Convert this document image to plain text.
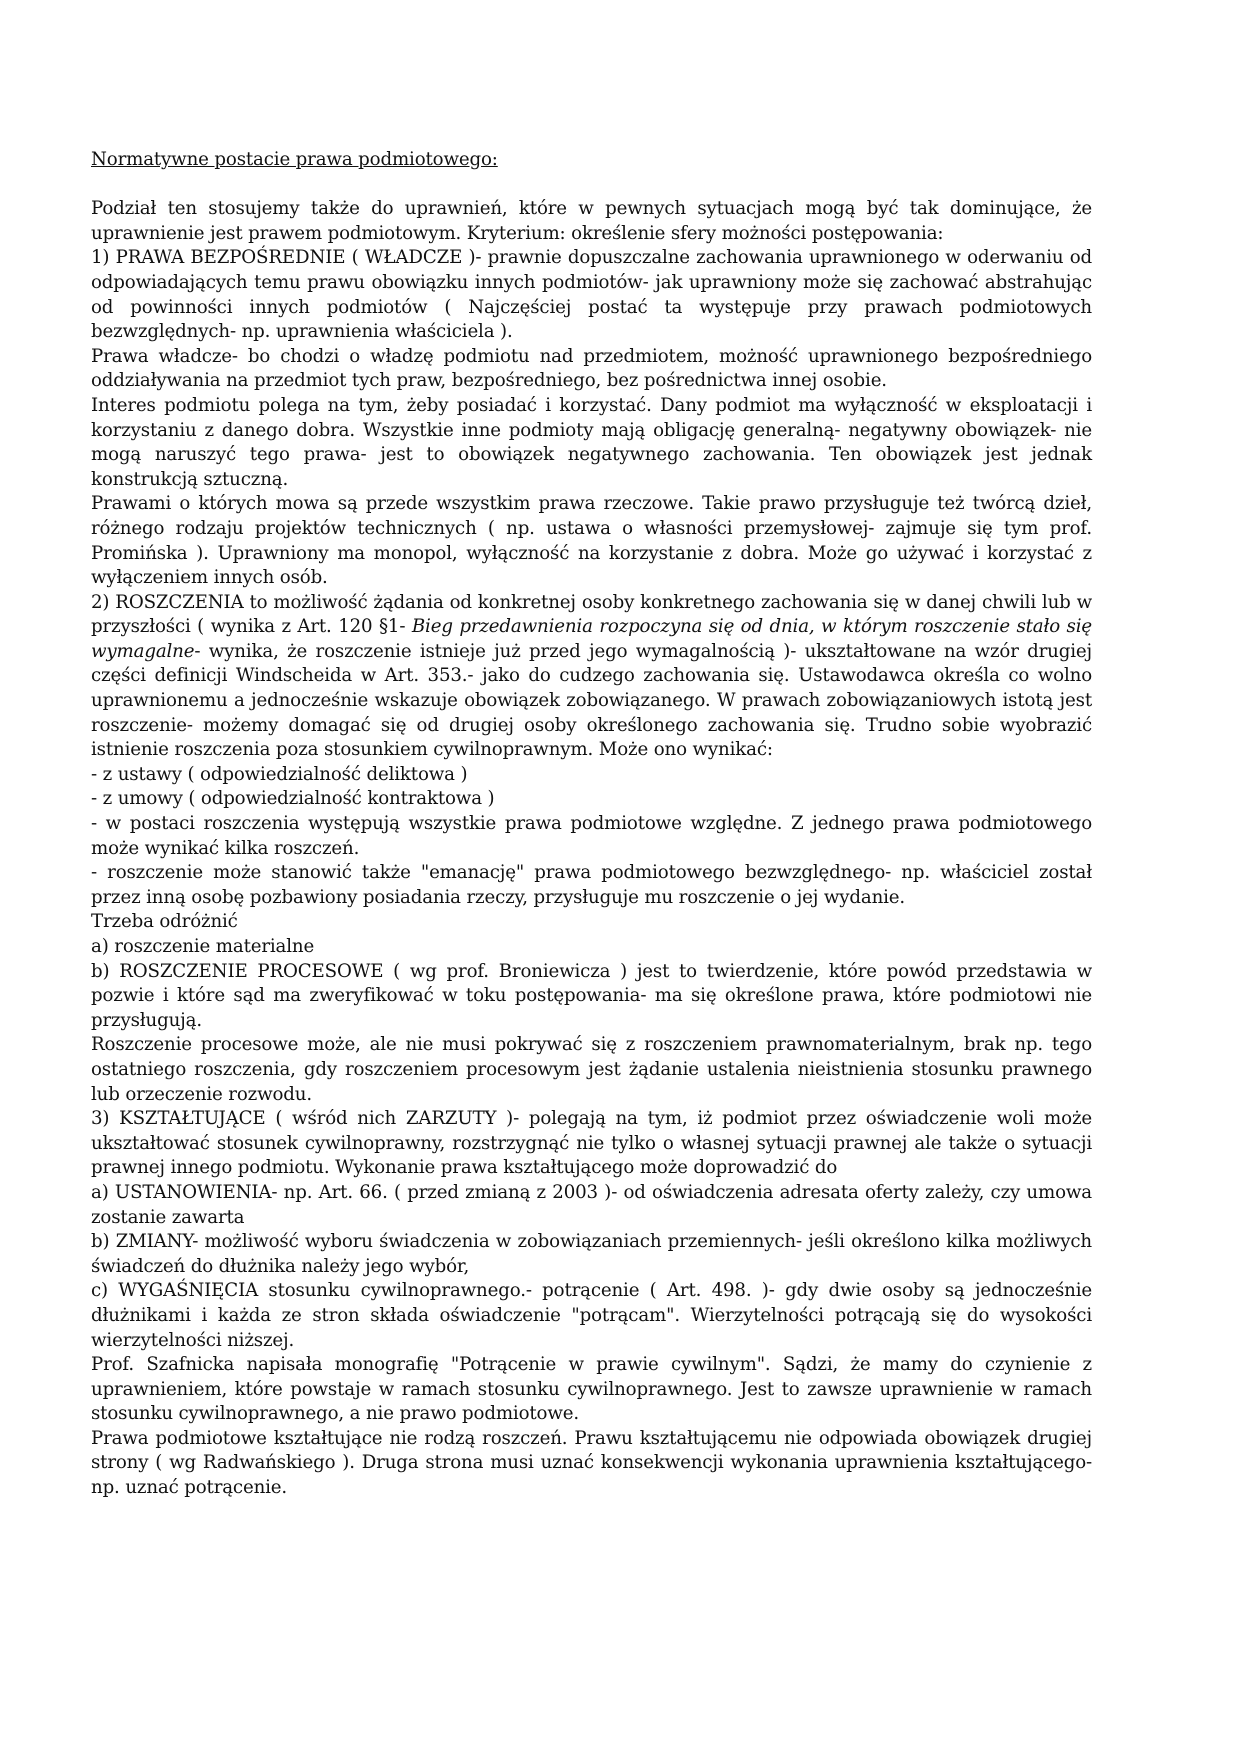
Normatywne postacie prawa podmiotowego:

Podział ten stosujemy także do uprawnień, które w pewnych sytuacjach mogą być tak dominujące, że uprawnienie jest prawem podmiotowym. Kryterium: określenie sfery możności postępowania:

1) PRAWA BEZPOŚREDNIE ( WŁADCZE )- prawnie dopuszczalne zachowania uprawnionego w oderwaniu od odpowiadających temu prawu obowiązku innych podmiotów- jak uprawniony może się zachować abstrahując od powinności innych podmiotów ( Najczęściej postać ta występuje przy prawach podmiotowych bezwzględnych- np. uprawnienia właściciela ).

Prawa władcze- bo chodzi o władzę podmiotu nad przedmiotem, możność uprawnionego bezpośredniego oddziaływania na przedmiot tych praw, bezpośredniego, bez pośrednictwa innej osobie.

Interes podmiotu polega na tym, żeby posiadać i korzystać. Dany podmiot ma wyłączność w eksploatacji i korzystaniu z danego dobra. Wszystkie inne podmioty mają obligację generalną- negatywny obowiązek- nie mogą naruszyć tego prawa- jest to obowiązek negatywnego zachowania. Ten obowiązek jest jednak konstrukcją sztuczną.

Prawami o których mowa są przede wszystkim prawa rzeczowe. Takie prawo przysługuje też twórcą dzieł, różnego rodzaju projektów technicznych ( np. ustawa o własności przemysłowej- zajmuje się tym prof. Promińska ). Uprawniony ma monopol, wyłączność na korzystanie z dobra. Może go używać i korzystać z wyłączeniem innych osób.

2) ROSZCZENIA to możliwość żądania od konkretnej osoby konkretnego zachowania się w danej chwili lub w przyszłości ( wynika z Art. 120 §1- Bieg przedawnienia rozpoczyna się od dnia, w którym roszczenie stało się wymagalne- wynika, że roszczenie istnieje już przed jego wymagalnością )- ukształtowane na wzór drugiej części definicji Windscheida w Art. 353.- jako do cudzego zachowania się. Ustawodawca określa co wolno uprawnionemu a jednocześnie wskazuje obowiązek zobowiązanego. W prawach zobowiązaniowych istotą jest roszczenie- możemy domagać się od drugiej osoby określonego zachowania się. Trudno sobie wyobrazić istnienie roszczenia poza stosunkiem cywilnoprawnym. Może ono wynikać:

- z ustawy ( odpowiedzialność deliktowa )

- z umowy ( odpowiedzialność kontraktowa )

- w postaci roszczenia występują wszystkie prawa podmiotowe względne. Z jednego prawa podmiotowego może wynikać kilka roszczeń.

- roszczenie może stanowić także "emanację" prawa podmiotowego bezwzględnego- np. właściciel został przez inną osobę pozbawiony posiadania rzeczy, przysługuje mu roszczenie o jej wydanie.

Trzeba odróżnić

a) roszczenie materialne

b) ROSZCZENIE PROCESOWE ( wg prof. Broniewicza ) jest to twierdzenie, które powód przedstawia w pozwie i które sąd ma zweryfikować w toku postępowania- ma się określone prawa, które podmiotowi nie przysługują.

Roszczenie procesowe może, ale nie musi pokrywać się z roszczeniem prawnomaterialnym, brak np. tego ostatniego roszczenia, gdy roszczeniem procesowym jest żądanie ustalenia nieistnienia stosunku prawnego lub orzeczenie rozwodu.

3) KSZTAŁTUJĄCE ( wśród nich ZARZUTY )- polegają na tym, iż podmiot przez oświadczenie woli może ukształtować stosunek cywilnoprawny, rozstrzygnąć nie tylko o własnej sytuacji prawnej ale także o sytuacji prawnej innego podmiotu. Wykonanie prawa kształtującego może doprowadzić do

a) USTANOWIENIA- np. Art. 66. ( przed zmianą z 2003 )- od oświadczenia adresata oferty zależy, czy umowa zostanie zawarta

b) ZMIANY- możliwość wyboru świadczenia w zobowiązaniach przemiennych- jeśli określono kilka możliwych świadczeń do dłużnika należy jego wybór,

c) WYGAŚNIĘCIA stosunku cywilnoprawnego.- potrącenie ( Art. 498. )- gdy dwie osoby są jednocześnie dłużnikami i każda ze stron składa oświadczenie "potrącam". Wierzytelności potrącają się do wysokości wierzytelności niższej.

Prof. Szafnicka napisała monografię "Potrącenie w prawie cywilnym". Sądzi, że mamy do czynienie z uprawnieniem, które powstaje w ramach stosunku cywilnoprawnego. Jest to zawsze uprawnienie w ramach stosunku cywilnoprawnego, a nie prawo podmiotowe.

Prawa podmiotowe kształtujące nie rodzą roszczeń. Prawu kształtującemu nie odpowiada obowiązek drugiej strony ( wg Radwańskiego ). Druga strona musi uznać konsekwencji wykonania uprawnienia kształtującego- np. uznać potrącenie.
